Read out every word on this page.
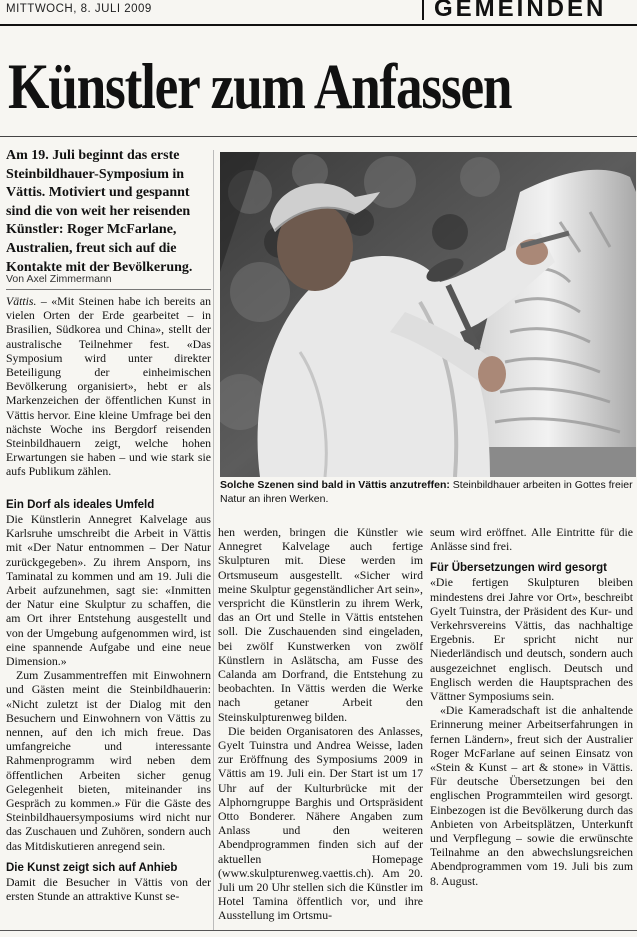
MITTWOCH, 8. JULI 2009	GEMEINDEN
Künstler zum Anfassen
Am 19. Juli beginnt das erste Steinbildhauer-Symposium in Vättis. Motiviert und gespannt sind die von weit her reisenden Künstler: Roger McFarlane, Australien, freut sich auf die Kontakte mit der Bevölkerung.
Von Axel Zimmermann

Vättis. – «Mit Steinen habe ich bereits an vielen Orten der Erde gearbeitet – in Brasilien, Südkorea und China», stellt der australische Teilnehmer fest. «Das Symposium wird unter direkter Beteiligung der einheimischen Bevölkerung organisiert», hebt er als Markenzeichen der öffentlichen Kunst in Vättis hervor. Eine kleine Umfrage bei den nächste Woche ins Bergdorf reisenden Steinbildhauern zeigt, welche hohen Erwartungen sie haben – und wie stark sie aufs Publikum zählen.

Solche Szenen sind bald in Vättis anzutreffen: Steinbildhauer arbeiten in Gottes freier Natur an ihren Werken.

Ein Dorf als ideales Umfeld

Die Künstlerin Annegret Kalvelage aus Karlsruhe umschreibt die Arbeit in Vättis mit «Der Natur entnommen – Der Natur zurückgegeben». Zu ihrem Ansporn, ins Taminatal zu kommen und am 19. Juli die Arbeit aufzunehmen, sagt sie: «Inmitten der Natur eine Skulptur zu schaffen, die am Ort ihrer Entstehung ausgestellt und von der Umgebung aufgenommen wird, ist eine spannende Aufgabe und eine neue Dimension.»

Zum Zusammentreffen mit Einwohnern und Gästen meint die Steinbildhauerin: «Nicht zuletzt ist der Dialog mit den Besuchern und Einwohnern von Vättis zu nennen, auf den ich mich freue. Das umfangreiche und interessante Rahmenprogramm wird neben dem öffentlichen Arbeiten sicher genug Gelegenheit bieten, miteinander ins Gespräch zu kommen.» Für die Gäste des Steinbildhauersymposiums wird nicht nur das Zuschauen und Zuhören, sondern auch das Mitdiskutieren anregend sein.

Die Kunst zeigt sich auf Anhieb

Damit die Besucher in Vättis von der ersten Stunde an attraktive Kunst se-

hen werden, bringen die Künstler wie Annegret Kalvelage auch fertige Skulpturen mit. Diese werden im Ortsmuseum ausgestellt. «Sicher wird meine Skulptur gegenständlicher Art sein», verspricht die Künstlerin zu ihrem Werk, das an Ort und Stelle in Vättis entstehen soll. Die Zuschauenden sind eingeladen, bei zwölf Kunstwerken von zwölf Künstlern in Aslätscha, am Fusse des Calanda am Dorfrand, die Entstehung zu beobachten. In Vättis werden die Werke nach getaner Arbeit den Steinskulpturenweg bilden.

Die beiden Organisatoren des Anlasses, Gyelt Tuinstra und Andrea Weisse, laden zur Eröffnung des Symposiums 2009 in Vättis am 19. Juli ein. Der Start ist um 17 Uhr auf der Kulturbrücke mit der Alphorngruppe Barghis und Ortspräsident Otto Bonderer. Nähere Angaben zum Anlass und den weiteren Abendprogrammen finden sich auf der aktuellen Homepage (www.skulpturenweg.vaettis.ch). Am 20. Juli um 20 Uhr stellen sich die Künstler im Hotel Tamina öffentlich vor, und ihre Ausstellung im Ortsmu-

seum wird eröffnet. Alle Eintritte für die Anlässe sind frei.

Für Übersetzungen wird gesorgt

«Die fertigen Skulpturen bleiben mindestens drei Jahre vor Ort», beschreibt Gyelt Tuinstra, der Präsident des Kur- und Verkehrsvereins Vättis, das nachhaltige Ergebnis. Er spricht nicht nur Niederländisch und deutsch, sondern auch ausgezeichnet englisch. Deutsch und Englisch werden die Hauptsprachen des Vättner Symposiums sein.

«Die Kameradschaft ist die anhaltende Erinnerung meiner Arbeitserfahrungen in fernen Ländern», freut sich der Australier Roger McFarlane auf seinen Einsatz von «Stein & Kunst – art & stone» in Vättis. Für deutsche Übersetzungen bei den englischen Programmteilen wird gesorgt. Einbezogen ist die Bevölkerung durch das Anbieten von Arbeitsplätzen, Unterkunft und Verpflegung – sowie die erwünschte Teilnahme an den abwechslungsreichen Abendprogrammen vom 19. Juli bis zum 8. August.
